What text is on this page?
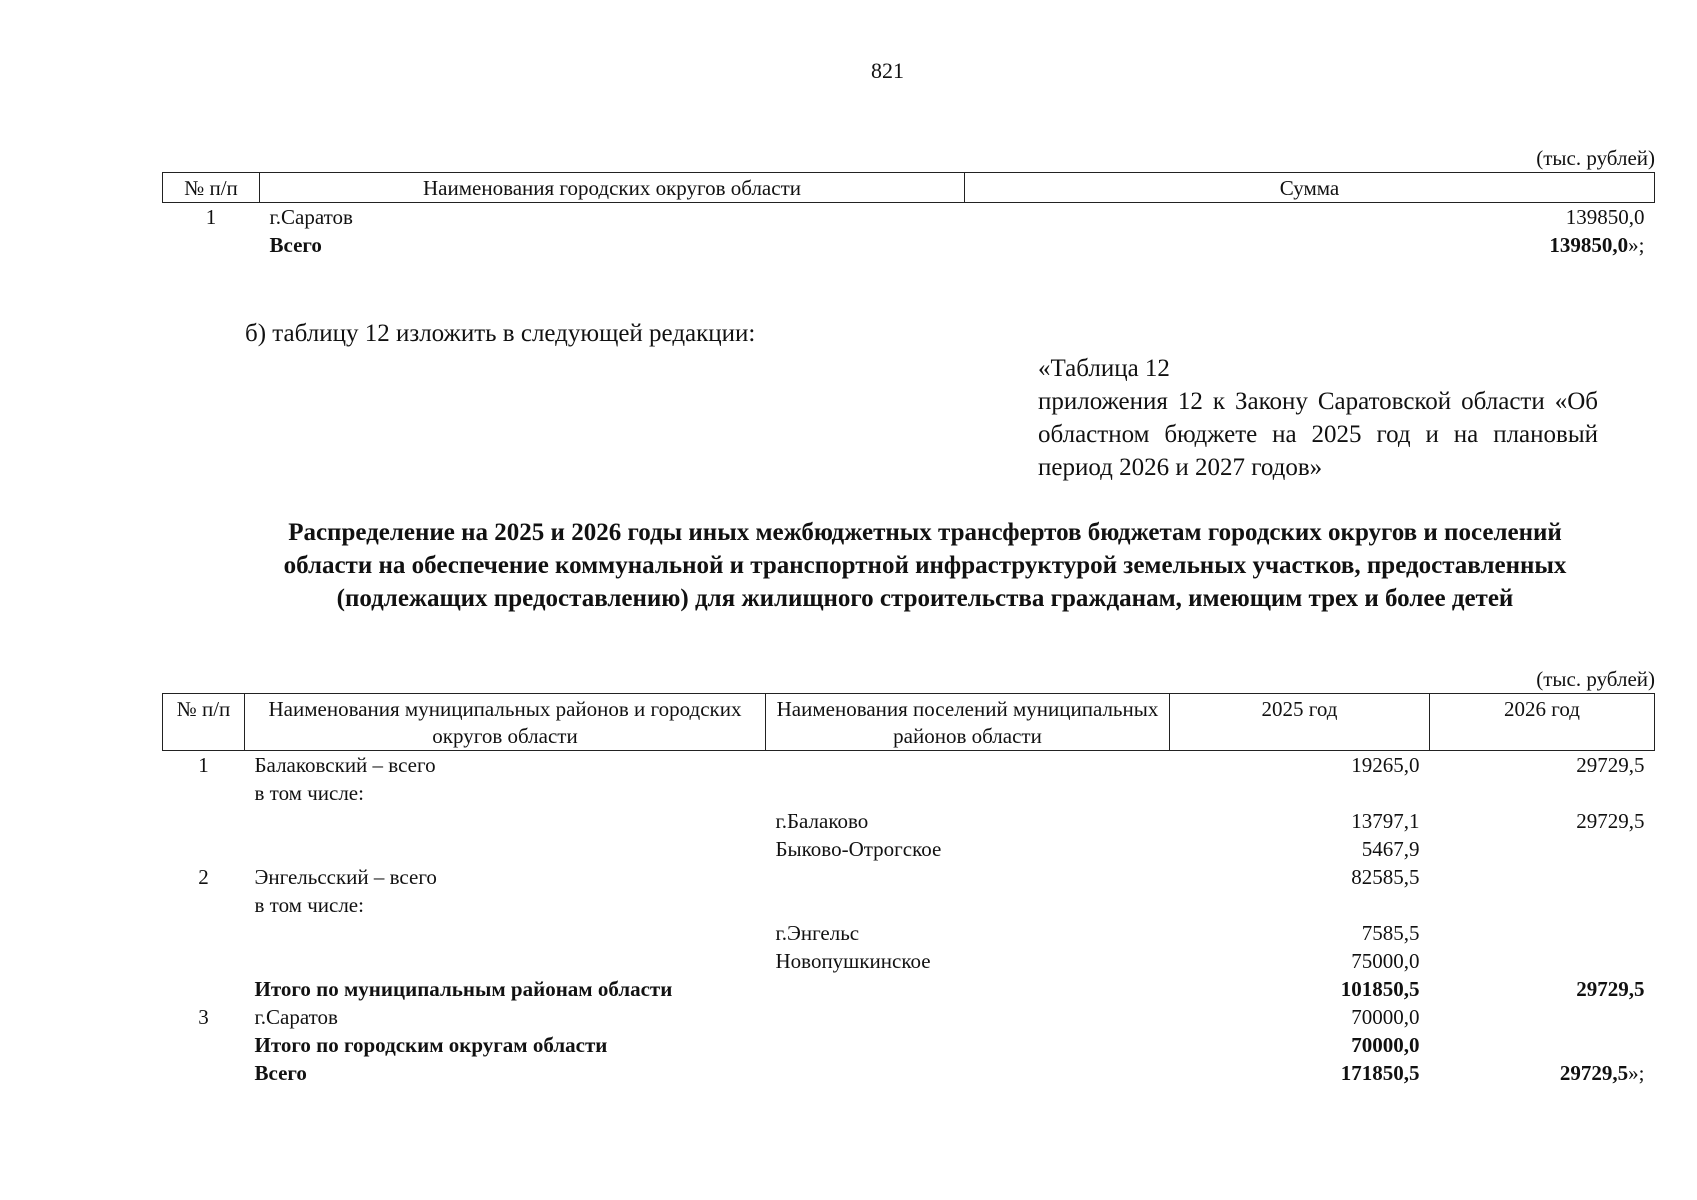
821
(тыс. рублей)
№ п/п	Наименования городских округов области	Сумма
1	г.Саратов	139850,0
	Всего	139850,0»;
б) таблицу 12 изложить в следующей редакции:
«Таблица 12
приложения 12 к Закону Саратовской области «Об областном бюджете на 2025 год и на плановый период 2026 и 2027 годов»
Распределение на 2025 и 2026 годы иных межбюджетных трансфертов бюджетам городских округов и поселений области на обеспечение коммунальной и транспортной инфраструктурой земельных участков, предоставленных (подлежащих предоставлению) для жилищного строительства гражданам, имеющим трех и более детей
(тыс. рублей)
№ п/п	Наименования муниципальных районов и городских округов области	Наименования поселений муниципальных районов области	2025 год	2026 год
1	Балаковский – всего		19265,0	29729,5
	в том числе:			
		г.Балаково	13797,1	29729,5
		Быково-Отрогское	5467,9	
2	Энгельсский – всего		82585,5	
	в том числе:			
		г.Энгельс	7585,5	
		Новопушкинское	75000,0	
	Итого по муниципальным районам области		101850,5	29729,5
3	г.Саратов		70000,0	
	Итого по городским округам области		70000,0	
	Всего		171850,5	29729,5»;
